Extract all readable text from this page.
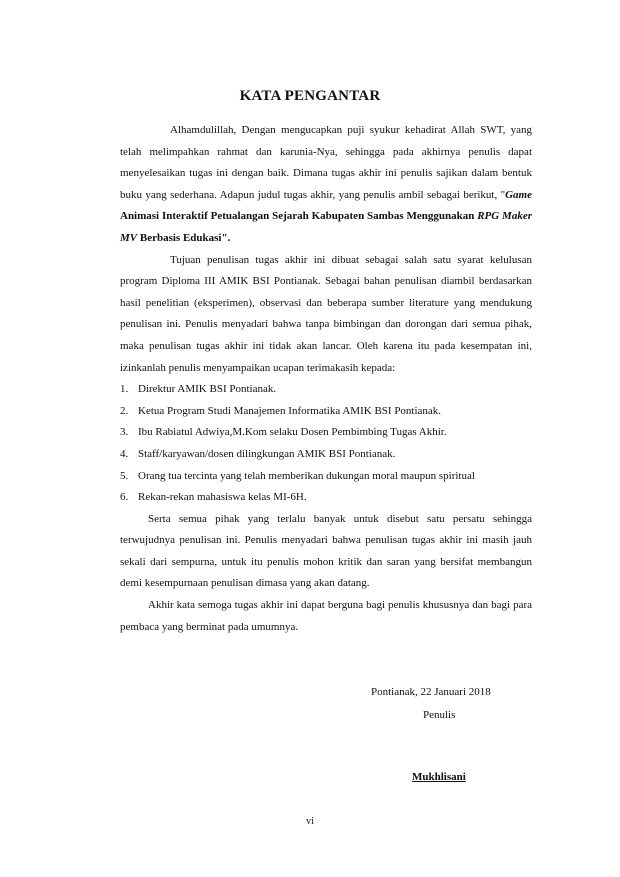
KATA PENGANTAR

Alhamdulillah, Dengan mengucapkan puji syukur kehadirat Allah SWT, yang telah melimpahkan rahmat dan karunia-Nya, sehingga pada akhirnya penulis dapat menyelesaikan tugas ini dengan baik. Dimana tugas akhir ini penulis sajikan dalam bentuk buku yang sederhana. Adapun judul tugas akhir, yang penulis ambil sebagai berikut, "Game Animasi Interaktif Petualangan Sejarah Kabupaten Sambas Menggunakan RPG Maker MV Berbasis Edukasi".

Tujuan penulisan tugas akhir ini dibuat sebagai salah satu syarat kelulusan program Diploma III AMIK BSI Pontianak. Sebagai bahan penulisan diambil berdasarkan hasil penelitian (eksperimen), observasi dan beberapa sumber literature yang mendukung penulisan ini. Penulis menyadari bahwa tanpa bimbingan dan dorongan dari semua pihak, maka penulisan tugas akhir ini tidak akan lancar. Oleh karena itu pada kesempatan ini, izinkanlah penulis menyampaikan ucapan terimakasih kepada:

1. Direktur AMIK BSI Pontianak.
2. Ketua Program Studi Manajemen Informatika AMIK BSI Pontianak.
3. Ibu Rabiatul Adwiya,M.Kom selaku Dosen Pembimbing Tugas Akhir.
4. Staff/karyawan/dosen dilingkungan AMIK BSI Pontianak.
5. Orang tua tercinta yang telah memberikan dukungan moral maupun spiritual
6. Rekan-rekan mahasiswa kelas MI-6H.

Serta semua pihak yang terlalu banyak untuk disebut satu persatu sehingga terwujudnya penulisan ini. Penulis menyadari bahwa penulisan tugas akhir ini masih jauh sekali dari sempurna, untuk itu penulis mohon kritik dan saran yang bersifat membangun demi kesempurnaan penulisan dimasa yang akan datang.

Akhir kata semoga tugas akhir ini dapat berguna bagi penulis khususnya dan bagi para pembaca yang berminat pada umumnya.

Pontianak, 22 Januari 2018
Penulis
Mukhlisani
vi
